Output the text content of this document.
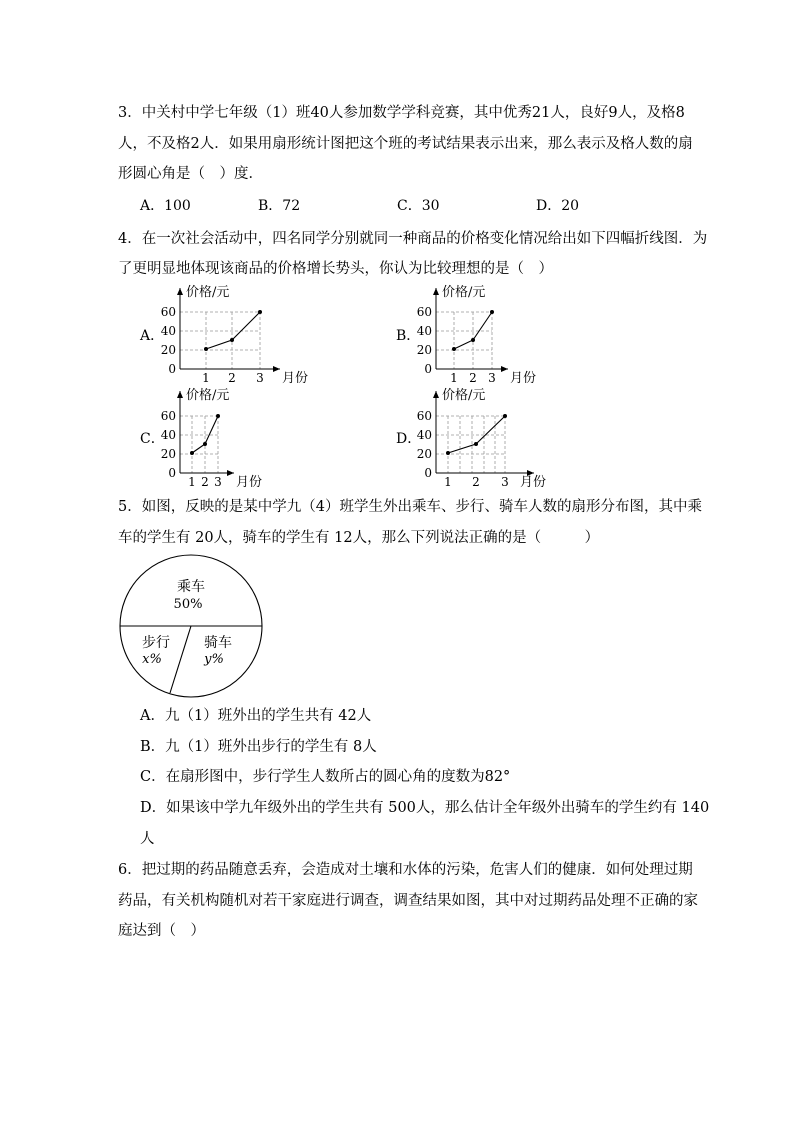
3．中关村中学七年级（1）班40人参加数学学科竞赛，其中优秀21人，良好9人，及格8
人，不及格2人．如果用扇形统计图把这个班的考试结果表示出来，那么表示及格人数的扇
形圆心角是（　）度．
A．100	B．72	C．30	D．20
4．在一次社会活动中，四名同学分别就同一种商品的价格变化情况给出如下四幅折线图．为
了更明显地体现该商品的价格增长势头，你认为比较理想的是（　）
A．
价格/元
月份
0
20
40
60
1 2 3
B．
价格/元
月份
0
20
40
60
1 2 3
C．
价格/元
月份
0
20
40
60
1 2 3
D．
价格/元
月份
0
20
40
60
1 2 3
5．如图，反映的是某中学九（4）班学生外出乘车、步行、骑车人数的扇形分布图，其中乘
车的学生有 20人，骑车的学生有 12人，那么下列说法正确的是（　　　）
乘车
50%
步行
x%
骑车
y%
A．九（1）班外出的学生共有 42人
B．九（1）班外出步行的学生有 8人
C．在扇形图中，步行学生人数所占的圆心角的度数为82°
D．如果该中学九年级外出的学生共有 500人，那么估计全年级外出骑车的学生约有 140
人
6．把过期的药品随意丢弃，会造成对土壤和水体的污染，危害人们的健康．如何处理过期
药品，有关机构随机对若干家庭进行调查，调查结果如图，其中对过期药品处理不正确的家
庭达到（　）
